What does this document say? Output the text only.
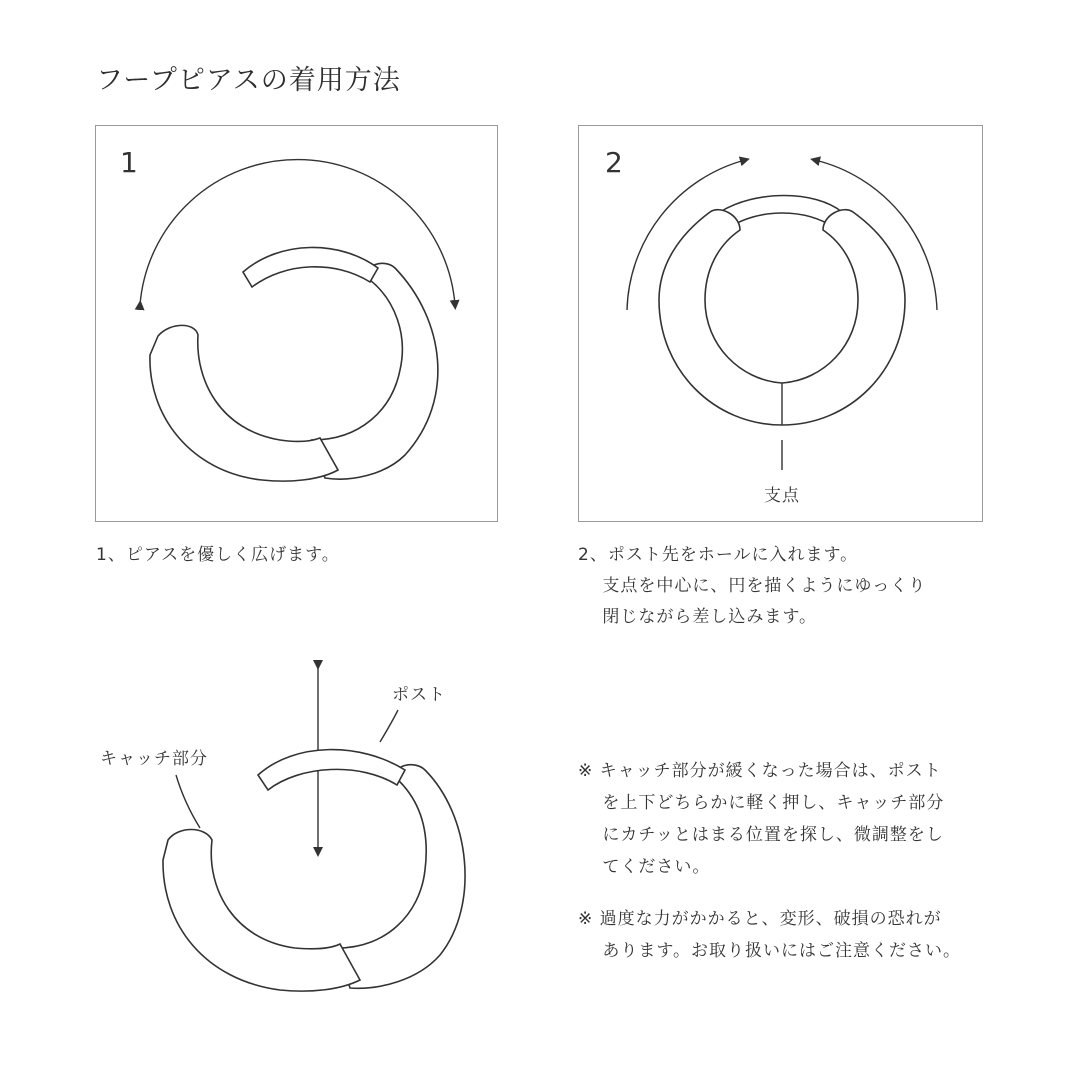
フープピアスの着用方法
1	2
支点
1、ピアスを優しく広げます。	2、ポスト先をホールに入れます。
　 支点を中心に、円を描くようにゆっくり
　 閉じながら差し込みます。
ポスト
キャッチ部分
※ キャッチ部分が緩くなった場合は、ポスト
　 を上下どちらかに軽く押し、キャッチ部分
　 にカチッとはまる位置を探し、微調整をし
　 てください。
※ 過度な力がかかると、変形、破損の恐れが
　 あります。お取り扱いにはご注意ください。
